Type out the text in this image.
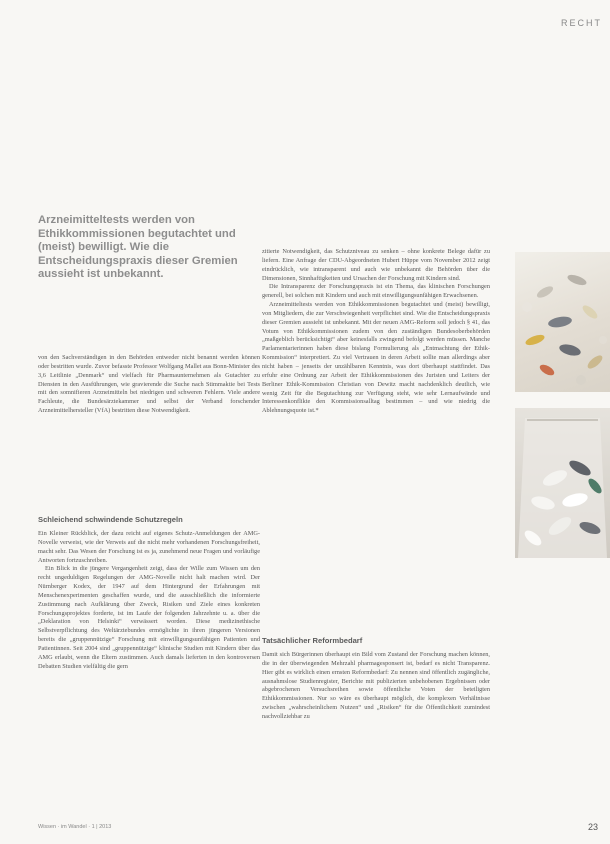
RECHT
Arzneimitteltests werden von Ethikkommissionen begutachtet und (meist) bewilligt. Wie die Entscheidungspraxis dieser Gremien aussieht ist unbekannt.

von den Sachverständigen in den Behörden entweder nicht benannt werden können oder bestritten wurde. Zuvor befasste Professor Wolfgang Mallet aus Bonn-Minister des 3,6 Leitlinie „Denmark“ und vielfach für Pharmaunternehmen als Gutachter zu Diensten in den Ausführungen, wie gravierende die Suche nach Stimmaktie bei Tests mit den somnifieren Arzneimitteln bei niedrigen und schweren Fehlern. Viele andere Fachleute, die Bundesärztekammer und selbst der Verband forschender Arzneimittelhersteller (VfA) bestritten diese Notwendigkeit.

Schleichend schwindende Schutzregeln

Ein Kleiner Rückblick, der dazu reicht auf eigenes Schutz-Anmeldungen der AMG-Novelle verweist, wie der Verweis auf die nicht mehr vorhandenen Forschungsfreiheit, macht sehr. Das Wesen der Forschung ist es ja, zunehmend neue Fragen und vorläufige Antworten fortzuschreiben.

Ein Blick in die jüngere Vergangenheit zeigt, dass der Wille zum Wissen um den recht ungeduldigen Regelungen der AMG-Novelle nicht halt machen wird. Der Nürnberger Kodex, der 1947 auf dem Hintergrund der Erfahrungen mit Menschenexperimenten geschaffen wurde, und die ausschließlich die informierte Zustimmung nach Aufklärung über Zweck, Risiken und Ziele eines konkreten Forschungsprojektes forderte, ist im Laufe der folgenden Jahrzehnte u. a. über die „Deklaration von Helsinki“ verwässert worden. Diese medizinethische Selbstverpflichtung des Weltärztebundes ermöglichte in ihren jüngeren Versionen bereits die „gruppennützige“ Forschung mit einwilligungsunfähigen Patienten und Patientinnen. Seit 2004 sind „gruppennützige“ klinische Studien mit Kindern über das AMG erlaubt, wenn die Eltern zustimmen. Auch damals lieferten in den kontroversen Debatten Studien vielfältig die gern

zitierte Notwendigkeit, das Schutzniveau zu senken – ohne konkrete Belege dafür zu liefern. Eine Anfrage der CDU-Abgeordneten Hubert Hüppe vom November 2012 zeigt eindrücklich, wie intransparent und auch wie unbekannt die Behörden über die Dimensionen, Sinnhaftigkeiten und Ursachen der Forschung mit Kindern sind.

Die Intransparenz der Forschungspraxis ist ein Thema, das klinischen Forschungen generell, bei solchen mit Kindern und auch mit einwilligungsunfähigen Erwachsenen.

Arzneimitteltests werden von Ethikkommissionen begutachtet und (meist) bewilligt, von Mitgliedern, die zur Verschwiegenheit verpflichtet sind. Wie die Entscheidungspraxis dieser Gremien aussieht ist unbekannt. Mit der neuen AMG-Reform soll jedoch § 41, das Votum von Ethikkommissionen zudem von den zuständigen Bundesoberbehörden „maßgeblich berücksichtigt“ aber keinesfalls zwingend befolgt werden müssen. Manche Parlamentarierinnen haben diese bislang Formulierung als „Entmachtung der Ethik-Kommission“ interpretiert. Zu viel Vertrauen in deren Arbeit sollte man allerdings aber nicht haben – jenseits der unzählbaren Kenntnis, was dort überhaupt stattfindet. Das erfuhr eine Ordnung zur Arbeit der Ethikkommissionen des Juristen und Leiters der Berliner Ethik-Kommission Christian von Dewitz macht nachdenklich deutlich, wie wenig Zeit für die Begutachtung zur Verfügung steht, wie sehr Lernaufwände und Interessenkonflikte den Kommissionsalltag bestimmen – und wie niedrig die Ablehnungsquote ist.*

Tatsächlicher Reformbedarf

Damit sich Bürgerinnen überhaupt ein Bild vom Zustand der Forschung machen können, die in der überwiegenden Mehrzahl pharmagesponsert ist, bedarf es nicht Transparenz. Hier gibt es wirklich einen ernsten Reformbedarf: Zu nennen sind öffentlich zugängliche, ausnahmslose Studienregister, Berichte mit publizierten unbehobenen Ergebnissen oder abgebrochenen Versuchsreihen sowie öffentliche Voten der beteiligten Ethikkommissionen. Nur so wäre es überhaupt möglich, die komplexen Verhältnisse zwischen „wahrscheinlichem Nutzen“ und „Risiken“ für die Öffentlichkeit zumindest nachvollziehbar zu

Wissen · im Wandel · 1 | 2013	23
